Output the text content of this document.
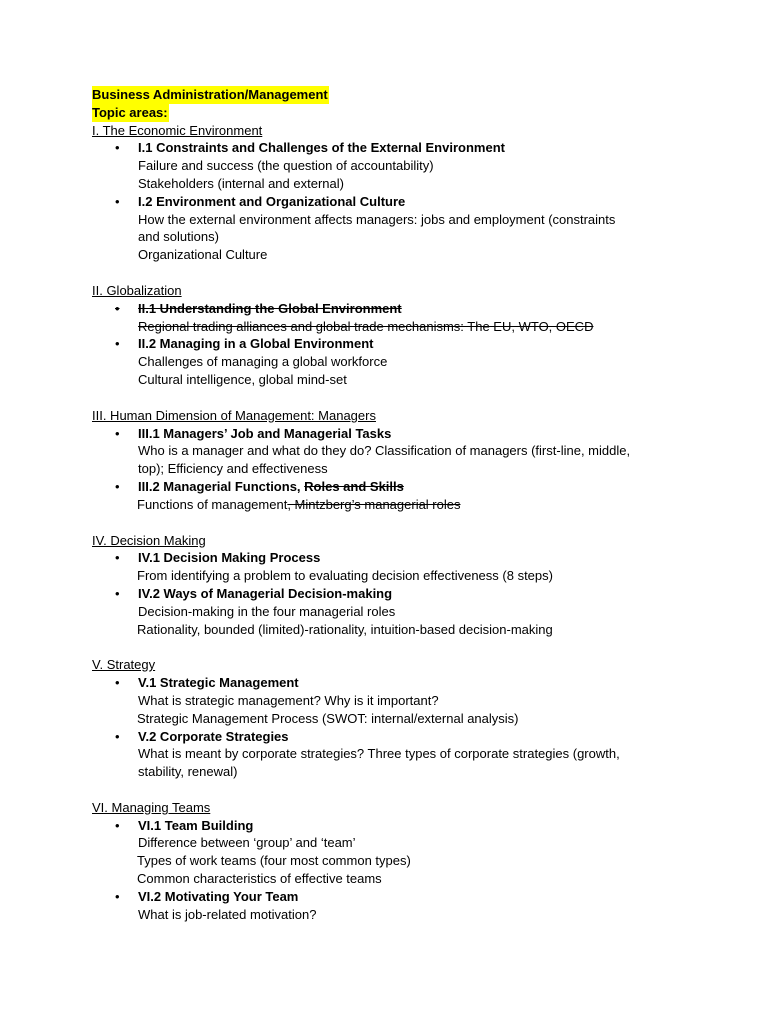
Business Administration/Management
Topic areas:
I. The Economic Environment
• I.1 Constraints and Challenges of the External Environment
Failure and success (the question of accountability)
Stakeholders (internal and external)
• I.2 Environment and Organizational Culture
How the external environment affects managers: jobs and employment (constraints
and solutions)
Organizational Culture
II. Globalization
• II.1 Understanding the Global Environment
Regional trading alliances and global trade mechanisms: The EU, WTO, OECD
• II.2 Managing in a Global Environment
Challenges of managing a global workforce
Cultural intelligence, global mind-set
III. Human Dimension of Management: Managers
• III.1 Managers’ Job and Managerial Tasks
Who is a manager and what do they do? Classification of managers (first-line, middle,
top); Efficiency and effectiveness
• III.2 Managerial Functions, Roles and Skills
Functions of management, Mintzberg’s managerial roles
IV. Decision Making
• IV.1 Decision Making Process
From identifying a problem to evaluating decision effectiveness (8 steps)
• IV.2 Ways of Managerial Decision-making
Decision-making in the four managerial roles
Rationality, bounded (limited)-rationality, intuition-based decision-making
V. Strategy
• V.1 Strategic Management
What is strategic management? Why is it important?
Strategic Management Process (SWOT: internal/external analysis)
• V.2 Corporate Strategies
What is meant by corporate strategies? Three types of corporate strategies (growth,
stability, renewal)
VI. Managing Teams
• VI.1 Team Building
Difference between ‘group’ and ‘team’
Types of work teams (four most common types)
Common characteristics of effective teams
• VI.2 Motivating Your Team
What is job-related motivation?
